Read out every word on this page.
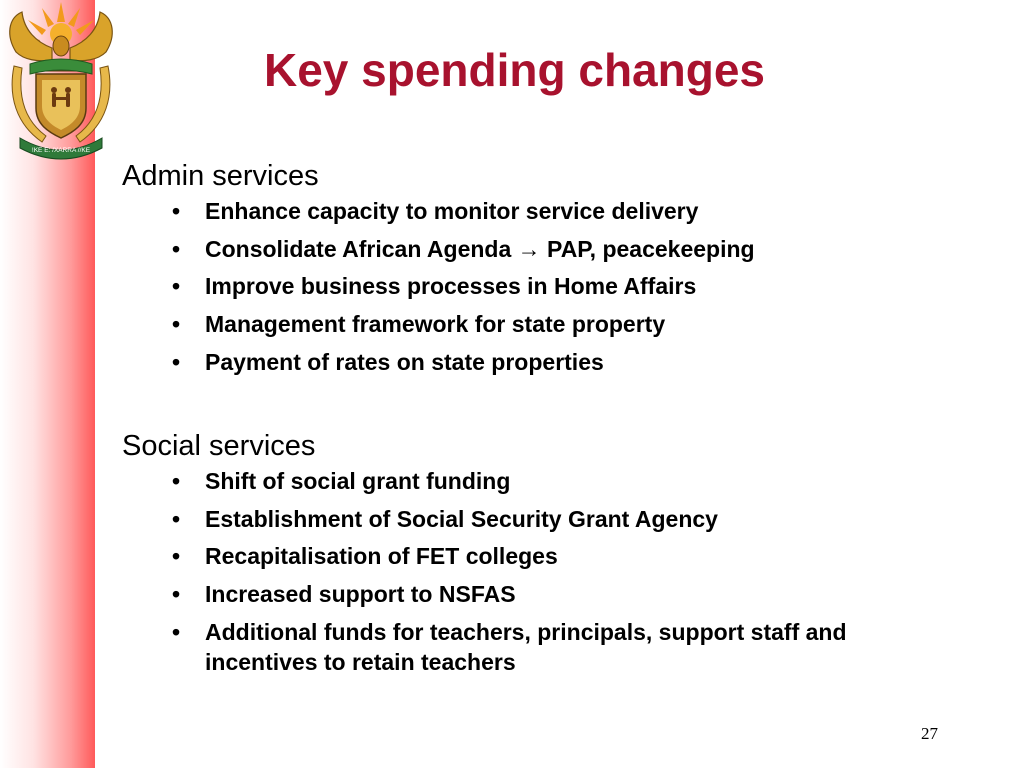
!KE E: /XARRA //KE
Key spending changes
Admin services
• Enhance capacity to monitor service delivery
• Consolidate African Agenda → PAP, peacekeeping
• Improve business processes in Home Affairs
• Management framework for state property
• Payment of rates on state properties
Social services
• Shift of social grant funding
• Establishment of Social Security Grant Agency
• Recapitalisation of FET colleges
• Increased support to NSFAS
• Additional funds for teachers, principals, support staff and incentives to retain teachers
27
